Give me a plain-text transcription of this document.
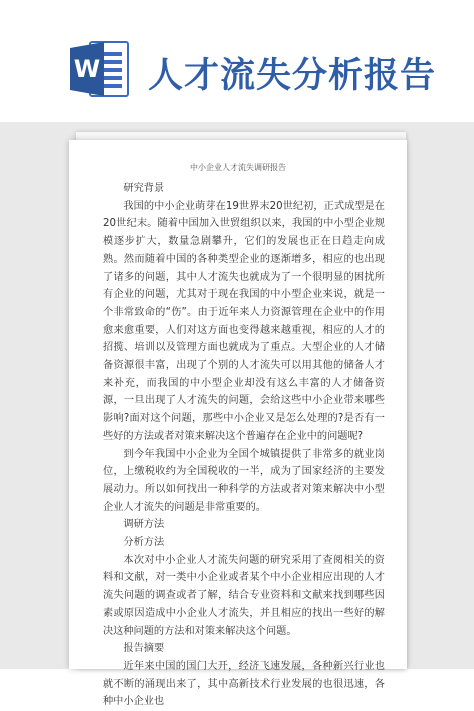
W 人才流失分析报告
中小企业人才流失调研报告

研究背景

我国的中小企业萌芽在19世界末20世纪初，正式成型是在20世纪末。随着中国加入世贸组织以来，我国的中小型企业规模逐步扩大，数量急剧攀升，它们的发展也正在日趋走向成熟。然而随着中国的各种类型企业的逐渐增多，相应的也出现了诸多的问题，其中人才流失也就成为了一个很明显的困扰所有企业的问题，尤其对于现在我国的中小型企业来说，就是一个非常致命的“伤”。由于近年来人力资源管理在企业中的作用愈来愈重要，人们对这方面也变得越来越重视，相应的人才的招揽、培训以及管理方面也就成为了重点。大型企业的人才储备资源很丰富，出现了个别的人才流失可以用其他的储备人才来补充，而我国的中小型企业却没有这么丰富的人才储备资源，一旦出现了人才流失的问题，会给这些中小企业带来哪些影响?面对这个问题，那些中小企业又是怎么处理的?是否有一些好的方法或者对策来解决这个普遍存在企业中的问题呢?

到今年我国中小企业为全国个城镇提供了非常多的就业岗位，上缴税收约为全国税收的一半，成为了国家经济的主要发展动力。所以如何找出一种科学的方法或者对策来解决中小型企业人才流失的问题是非常重要的。

调研方法

分析方法

本次对中小企业人才流失问题的研究采用了查阅相关的资料和文献，对一类中小企业或者某个中小企业相应出现的人才流失问题的调查或者了解，结合专业资料和文献来找到哪些因素或原因造成中小企业人才流失，并且相应的找出一些好的解决这种问题的方法和对策来解决这个问题。

报告摘要

近年来中国的国门大开，经济飞速发展，各种新兴行业也就不断的涌现出来了，其中高新技术行业发展的也很迅速，各种中小企业也
